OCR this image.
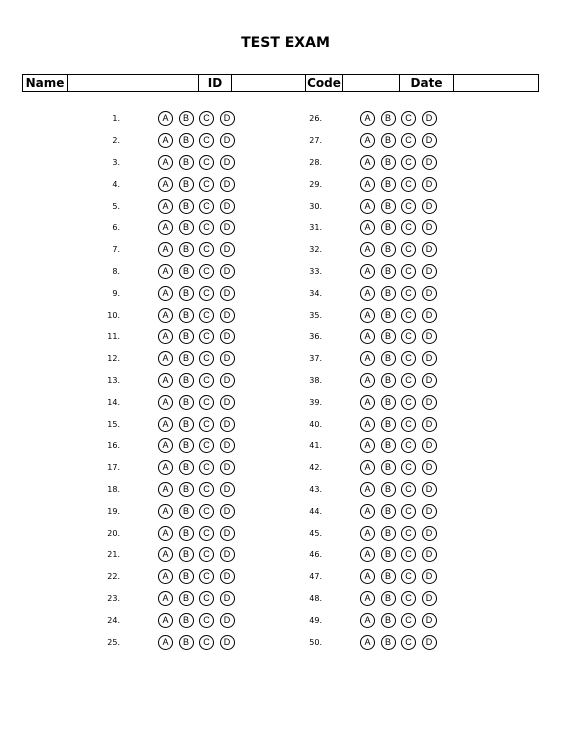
TEST EXAM
Name		ID		Code		Date	
1.	A	B	C	D
2.	A	B	C	D
3.	A	B	C	D
4.	A	B	C	D
5.	A	B	C	D
6.	A	B	C	D
7.	A	B	C	D
8.	A	B	C	D
9.	A	B	C	D
10.	A	B	C	D
11.	A	B	C	D
12.	A	B	C	D
13.	A	B	C	D
14.	A	B	C	D
15.	A	B	C	D
16.	A	B	C	D
17.	A	B	C	D
18.	A	B	C	D
19.	A	B	C	D
20.	A	B	C	D
21.	A	B	C	D
22.	A	B	C	D
23.	A	B	C	D
24.	A	B	C	D
25.	A	B	C	D
26.	A	B	C	D
27.	A	B	C	D
28.	A	B	C	D
29.	A	B	C	D
30.	A	B	C	D
31.	A	B	C	D
32.	A	B	C	D
33.	A	B	C	D
34.	A	B	C	D
35.	A	B	C	D
36.	A	B	C	D
37.	A	B	C	D
38.	A	B	C	D
39.	A	B	C	D
40.	A	B	C	D
41.	A	B	C	D
42.	A	B	C	D
43.	A	B	C	D
44.	A	B	C	D
45.	A	B	C	D
46.	A	B	C	D
47.	A	B	C	D
48.	A	B	C	D
49.	A	B	C	D
50.	A	B	C	D
